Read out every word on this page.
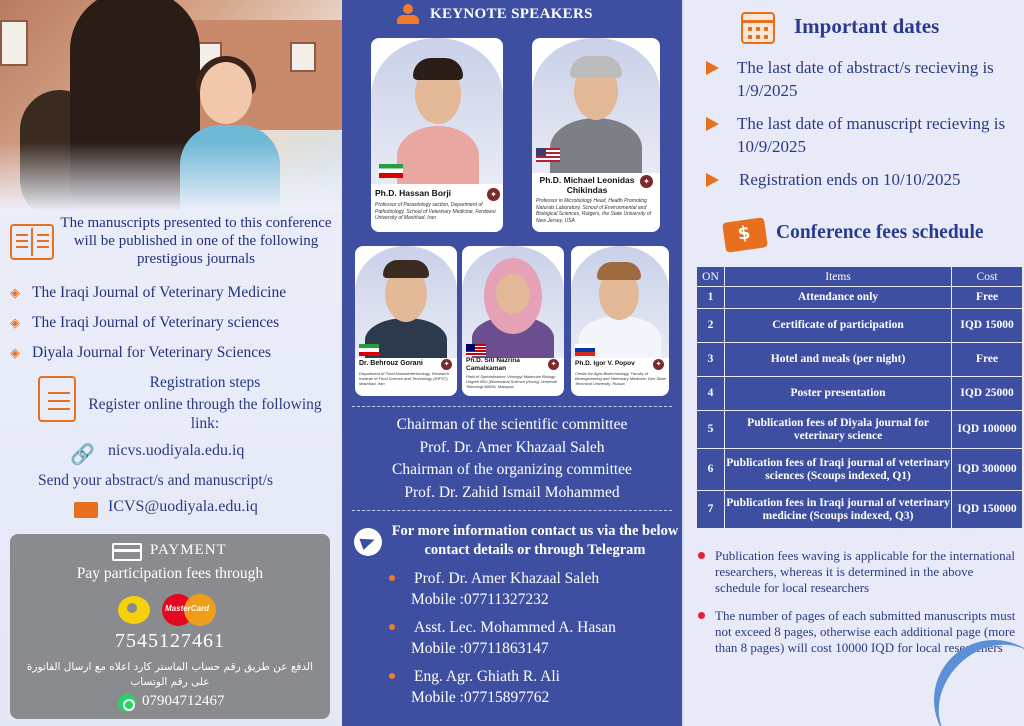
The manuscripts presented to this conference will be published in one of the following prestigious journals
◈ The Iraqi Journal of Veterinary Medicine
◈ The Iraqi Journal of Veterinary sciences
◈ Diyala Journal for Veterinary Sciences
Registration steps
Register online through the following link:
🔗 nicvs.uodiyala.edu.iq
Send your abstract/s and manuscript/s
ICVS@uodiyala.edu.iq
PAYMENT
Pay participation fees through
MasterCard
7545127461
الدفع عن طريق رقم حساب الماستر كارد اعلاه مع ارسال الفاتورة على رقم الوتساب
07904712467
KEYNOTE SPEAKERS
✦
Ph.D. Hassan Borji
Professor of Parasitology section, Department of Pathobiology, School of Veterinary Medicine, Ferdowsi University of Mashhad, Iran
✦
Ph.D. Michael Leonidas Chikindas
Professor in Microbiology Head, Health Promoting Naturals Laboratory, School of Environmental and Biological Sciences, Rutgers, the State University of New Jersey, USA
✦
Dr. Behrouz Gorani
Department of Food Nanobiotechnology, Research Institute of Food Science and Technology (RIFST), Mashhad, Iran
✦
Ph.D. Siti Nazrina Camalxaman
Field of Specialization: Virology/ Molecular Biology Degree BSc (Biomedical Science (Hons)) Universiti Teknologi MARA, Malaysia
✦
Ph.D. Igor V. Popov
Center for Agro-Biotechnology, Faculty of Bioengineering and Veterinary Medicine, Don State Technical University, Russia
Chairman of the scientific committee
Prof. Dr. Amer Khazaal Saleh
Chairman of the organizing committee
Prof. Dr. Zahid Ismail Mohammed
For more information contact us via the below contact details or through Telegram
Prof. Dr. Amer Khazaal Saleh
Mobile :07711327232
Asst. Lec. Mohammed A. Hasan
Mobile :07711863147
Eng. Agr. Ghiath R. Ali
Mobile :07715897762
Important dates
The last date of abstract/s recieving is 1/9/2025
The last date of manuscript recieving is 10/9/2025
Registration ends on 10/10/2025
$
Conference fees schedule
ON	Items	Cost
1	Attendance only	Free
2	Certificate of participation	IQD 15000
3	Hotel and meals (per night)	Free
4	Poster presentation	IQD 25000
5	Publication fees of Diyala journal for veterinary science	IQD 100000
6	Publication fees of Iraqi journal of veterinary sciences (Scoups indexed, Q1)	IQD 300000
7	Publication fees in Iraqi journal of veterinary medicine (Scoups indexed, Q3)	IQD 150000
Publication fees waving is applicable for the international researchers, whereas it is determined in the above schedule for local researchers
The number of pages of each submitted manuscripts must not exceed 8 pages, otherwise each additional page (more than 8 pages) will cost 10000 IQD for local researchers
